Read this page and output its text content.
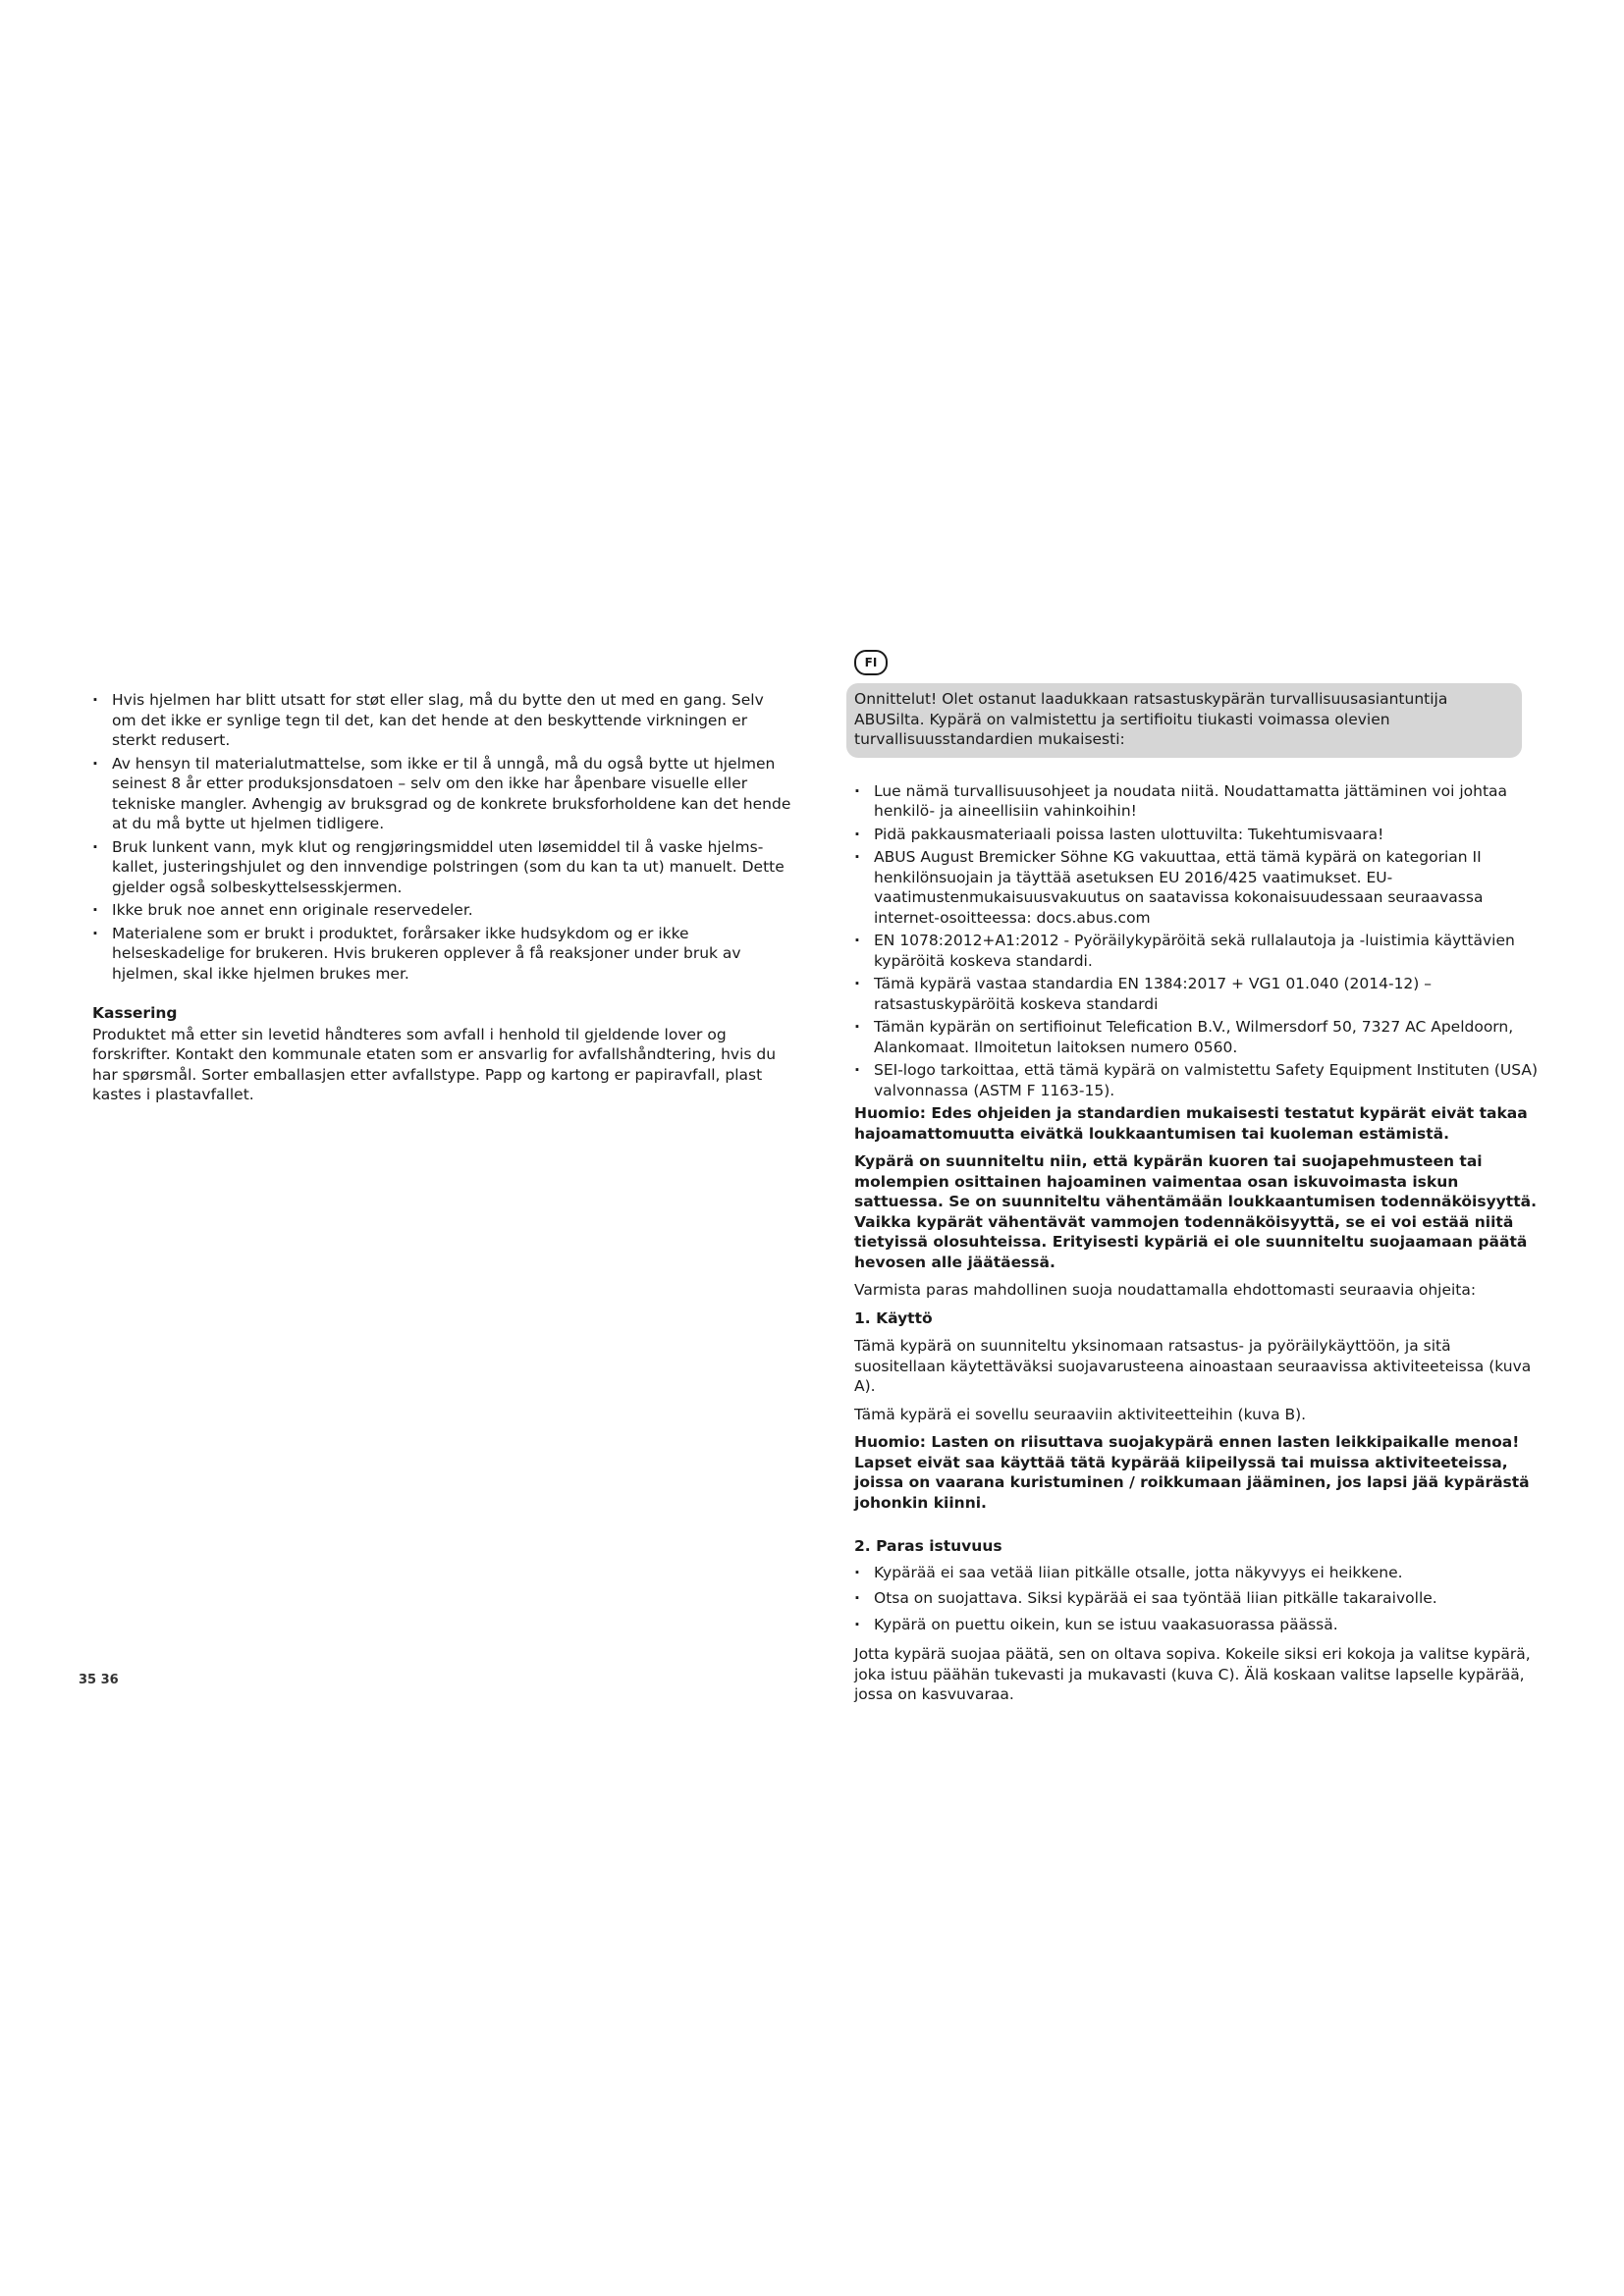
· Hvis hjelmen har blitt utsatt for støt eller slag, må du bytte den ut med en gang. Selv om det ikke er synlige tegn til det, kan det hende at den beskyttende virkningen er sterkt redusert.
· Av hensyn til materialutmattelse, som ikke er til å unngå, må du også bytte ut hjelmen seinest 8 år etter produksjonsdatoen – selv om den ikke har åpenbare visuelle eller tekniske mangler. Avhengig av bruksgrad og de konkrete bruksforholdene kan det hende at du må bytte ut hjelmen tidligere.
· Bruk lunkent vann, myk klut og rengjøringsmiddel uten løsemiddel til å vaske hjelmskallet, justeringshjulet og den innvendige polstringen (som du kan ta ut) manuelt. Dette gjelder også solbeskyttelsesskjermen.
· Ikke bruk noe annet enn originale reservedeler.
· Materialene som er brukt i produktet, forårsaker ikke hudsykdom og er ikke helseskadelige for brukeren. Hvis brukeren opplever å få reaksjoner under bruk av hjelmen, skal ikke hjelmen brukes mer.

Kassering

Produktet må etter sin levetid håndteres som avfall i henhold til gjeldende lover og forskrifter. Kontakt den kommunale etaten som er ansvarlig for avfallshåndtering, hvis du har spørsmål. Sorter emballasjen etter avfallstype. Papp og kartong er papiravfall, plast kastes i plastavfallet.

FI

Onnittelut! Olet ostanut laadukkaan ratsastuskypärän turvallisuusasiantuntija ABUSilta. Kypärä on valmistettu ja sertifioitu tiukasti voimassa olevien turvallisuusstandardien mukaisesti:

· Lue nämä turvallisuusohjeet ja noudata niitä. Noudattamatta jättäminen voi johtaa henkilö- ja aineellisiin vahinkoihin!
· Pidä pakkausmateriaali poissa lasten ulottuvilta: Tukehtumisvaara!
· ABUS August Bremicker Söhne KG vakuuttaa, että tämä kypärä on kategorian II henkilönsuojain ja täyttää asetuksen EU 2016/425 vaatimukset. EU-vaatimustenmukaisuusvakuutus on saatavissa kokonaisuudessaan seuraavassa internet-osoitteessa: docs.abus.com
· EN 1078:2012+A1:2012 - Pyöräilykypäröitä sekä rullalautoja ja -luistimia käyttävien kypäröitä koskeva standardi.
· Tämä kypärä vastaa standardia EN 1384:2017 + VG1 01.040 (2014-12) – ratsastuskypäröitä koskeva standardi
· Tämän kypärän on sertifioinut Telefication B.V., Wilmersdorf 50, 7327 AC Apeldoorn, Alankomaat. Ilmoitetun laitoksen numero 0560.
· SEI-logo tarkoittaa, että tämä kypärä on valmistettu Safety Equipment Instituten (USA) valvonnassa (ASTM F 1163-15).

Huomio: Edes ohjeiden ja standardien mukaisesti testatut kypärät eivät takaa hajoamattomuutta eivätkä loukkaantumisen tai kuoleman estämistä.

Kypärä on suunniteltu niin, että kypärän kuoren tai suojapehmusteen tai molempien osittainen hajoaminen vaimentaa osan iskuvoimasta iskun sattuessa. Se on suunniteltu vähentämään loukkaantumisen todennäköisyyttä. Vaikka kypärät vähentävät vammojen todennäköisyyttä, se ei voi estää niitä tietyissä olosuhteissa. Erityisesti kypäriä ei ole suunniteltu suojaamaan päätä hevosen alle jäätäessä.

Varmista paras mahdollinen suoja noudattamalla ehdottomasti seuraavia ohjeita:

1. Käyttö

Tämä kypärä on suunniteltu yksinomaan ratsastus- ja pyöräilykäyttöön, ja sitä suositellaan käytettäväksi suojavarusteena ainoastaan seuraavissa aktiviteeteissa (kuva A).

Tämä kypärä ei sovellu seuraaviin aktiviteetteihin (kuva B).

Huomio: Lasten on riisuttava suojakypärä ennen lasten leikkipaikalle menoa! Lapset eivät saa käyttää tätä kypärää kiipeilyssä tai muissa aktiviteeteissa, joissa on vaarana kuristuminen / roikkumaan jääminen, jos lapsi jää kypärästä johonkin kiinni.

2. Paras istuvuus

· Kypärää ei saa vetää liian pitkälle otsalle, jotta näkyvyys ei heikkene.
· Otsa on suojattava. Siksi kypärää ei saa työntää liian pitkälle takaraivolle.
· Kypärä on puettu oikein, kun se istuu vaakasuorassa päässä.

Jotta kypärä suojaa päätä, sen on oltava sopiva. Kokeile siksi eri kokoja ja valitse kypärä, joka istuu päähän tukevasti ja mukavasti (kuva C). Älä koskaan valitse lapselle kypärää, jossa on kasvuvaraa.

35 36
